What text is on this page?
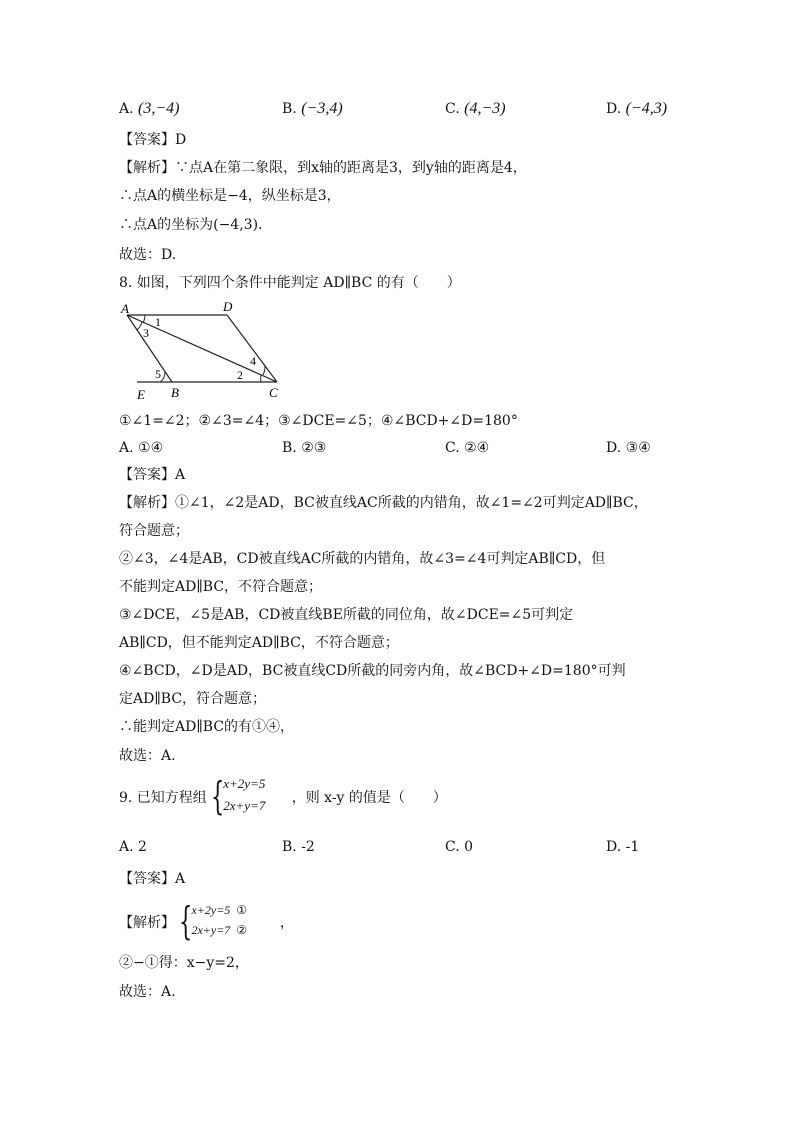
A. (3,−4)	B. (−3,4)	C. (4,−3)	D. (−4,3)
【答案】D
【解析】∵点A在第二象限，到x轴的距离是3，到y轴的距离是4，
∴点A的横坐标是−4，纵坐标是3，
∴点A的坐标为(−4,3).
故选：D.
8. 如图，下列四个条件中能判定 AD∥BC 的有（　　）
A	D
E B	C
1
2
3
4
5
①∠1=∠2；②∠3=∠4；③∠DCE=∠5；④∠BCD+∠D=180°
A. ①④	B. ②③	C. ②④	D. ③④
【答案】A
【解析】①∠1，∠2是AD，BC被直线AC所截的内错角，故∠1=∠2可判定AD∥BC，
符合题意；
②∠3，∠4是AB，CD被直线AC所截的内错角，故∠3=∠4可判定AB∥CD，但
不能判定AD∥BC，不符合题意；
③∠DCE，∠5是AB，CD被直线BE所截的同位角，故∠DCE=∠5可判定
AB∥CD，但不能判定AD∥BC，不符合题意；
④∠BCD，∠D是AD，BC被直线CD所截的同旁内角，故∠BCD+∠D=180°可判
定AD∥BC，符合题意；
∴能判定AD∥BC的有①④，
故选：A.
9. 已知方程组 {
x+2y=5
2x+y=7 ，则 x-y 的值是（　　）
A. 2	B. -2	C. 0	D. -1
【答案】A
【解析】 {
x+2y=5 ①
2x+y=7 ② ，
②−①得：x−y=2，
故选：A.
